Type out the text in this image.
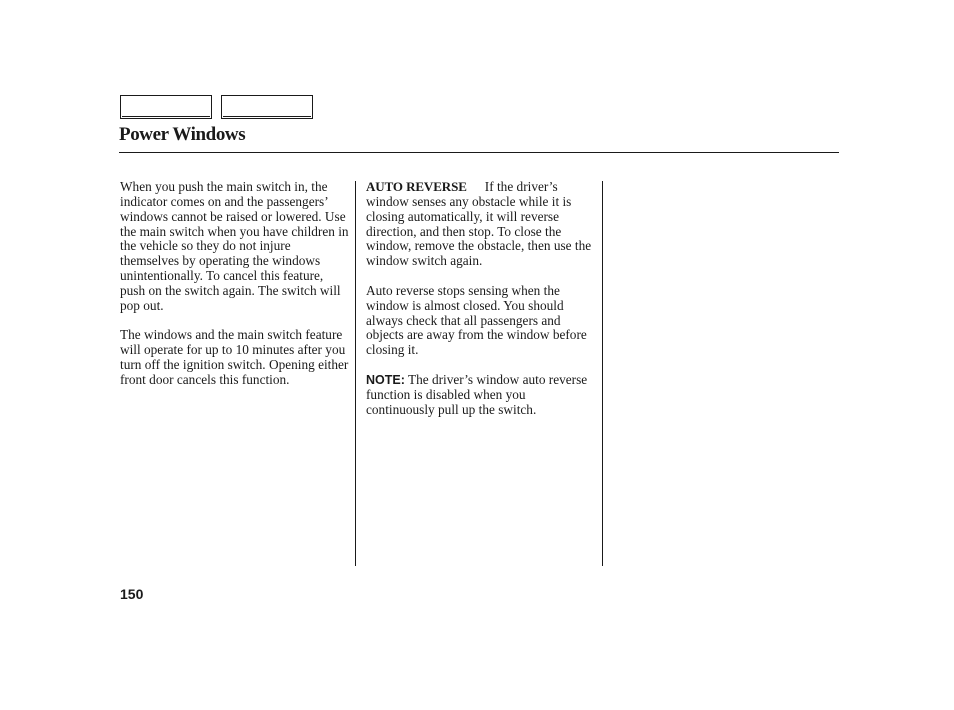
Power Windows

When you push the main switch in, the indicator comes on and the passengers’ windows cannot be raised or lowered. Use the main switch when you have children in the vehicle so they do not injure themselves by operating the windows unintentionally. To cancel this feature, push on the switch again. The switch will pop out.

The windows and the main switch feature will operate for up to 10 minutes after you turn off the ignition switch. Opening either front door cancels this function.

AUTO REVERSE If the driver’s window senses any obstacle while it is closing automatically, it will reverse direction, and then stop. To close the window, remove the obstacle, then use the window switch again.

Auto reverse stops sensing when the window is almost closed. You should always check that all passengers and objects are away from the window before closing it.

NOTE: The driver’s window auto reverse function is disabled when you continuously pull up the switch.

150
